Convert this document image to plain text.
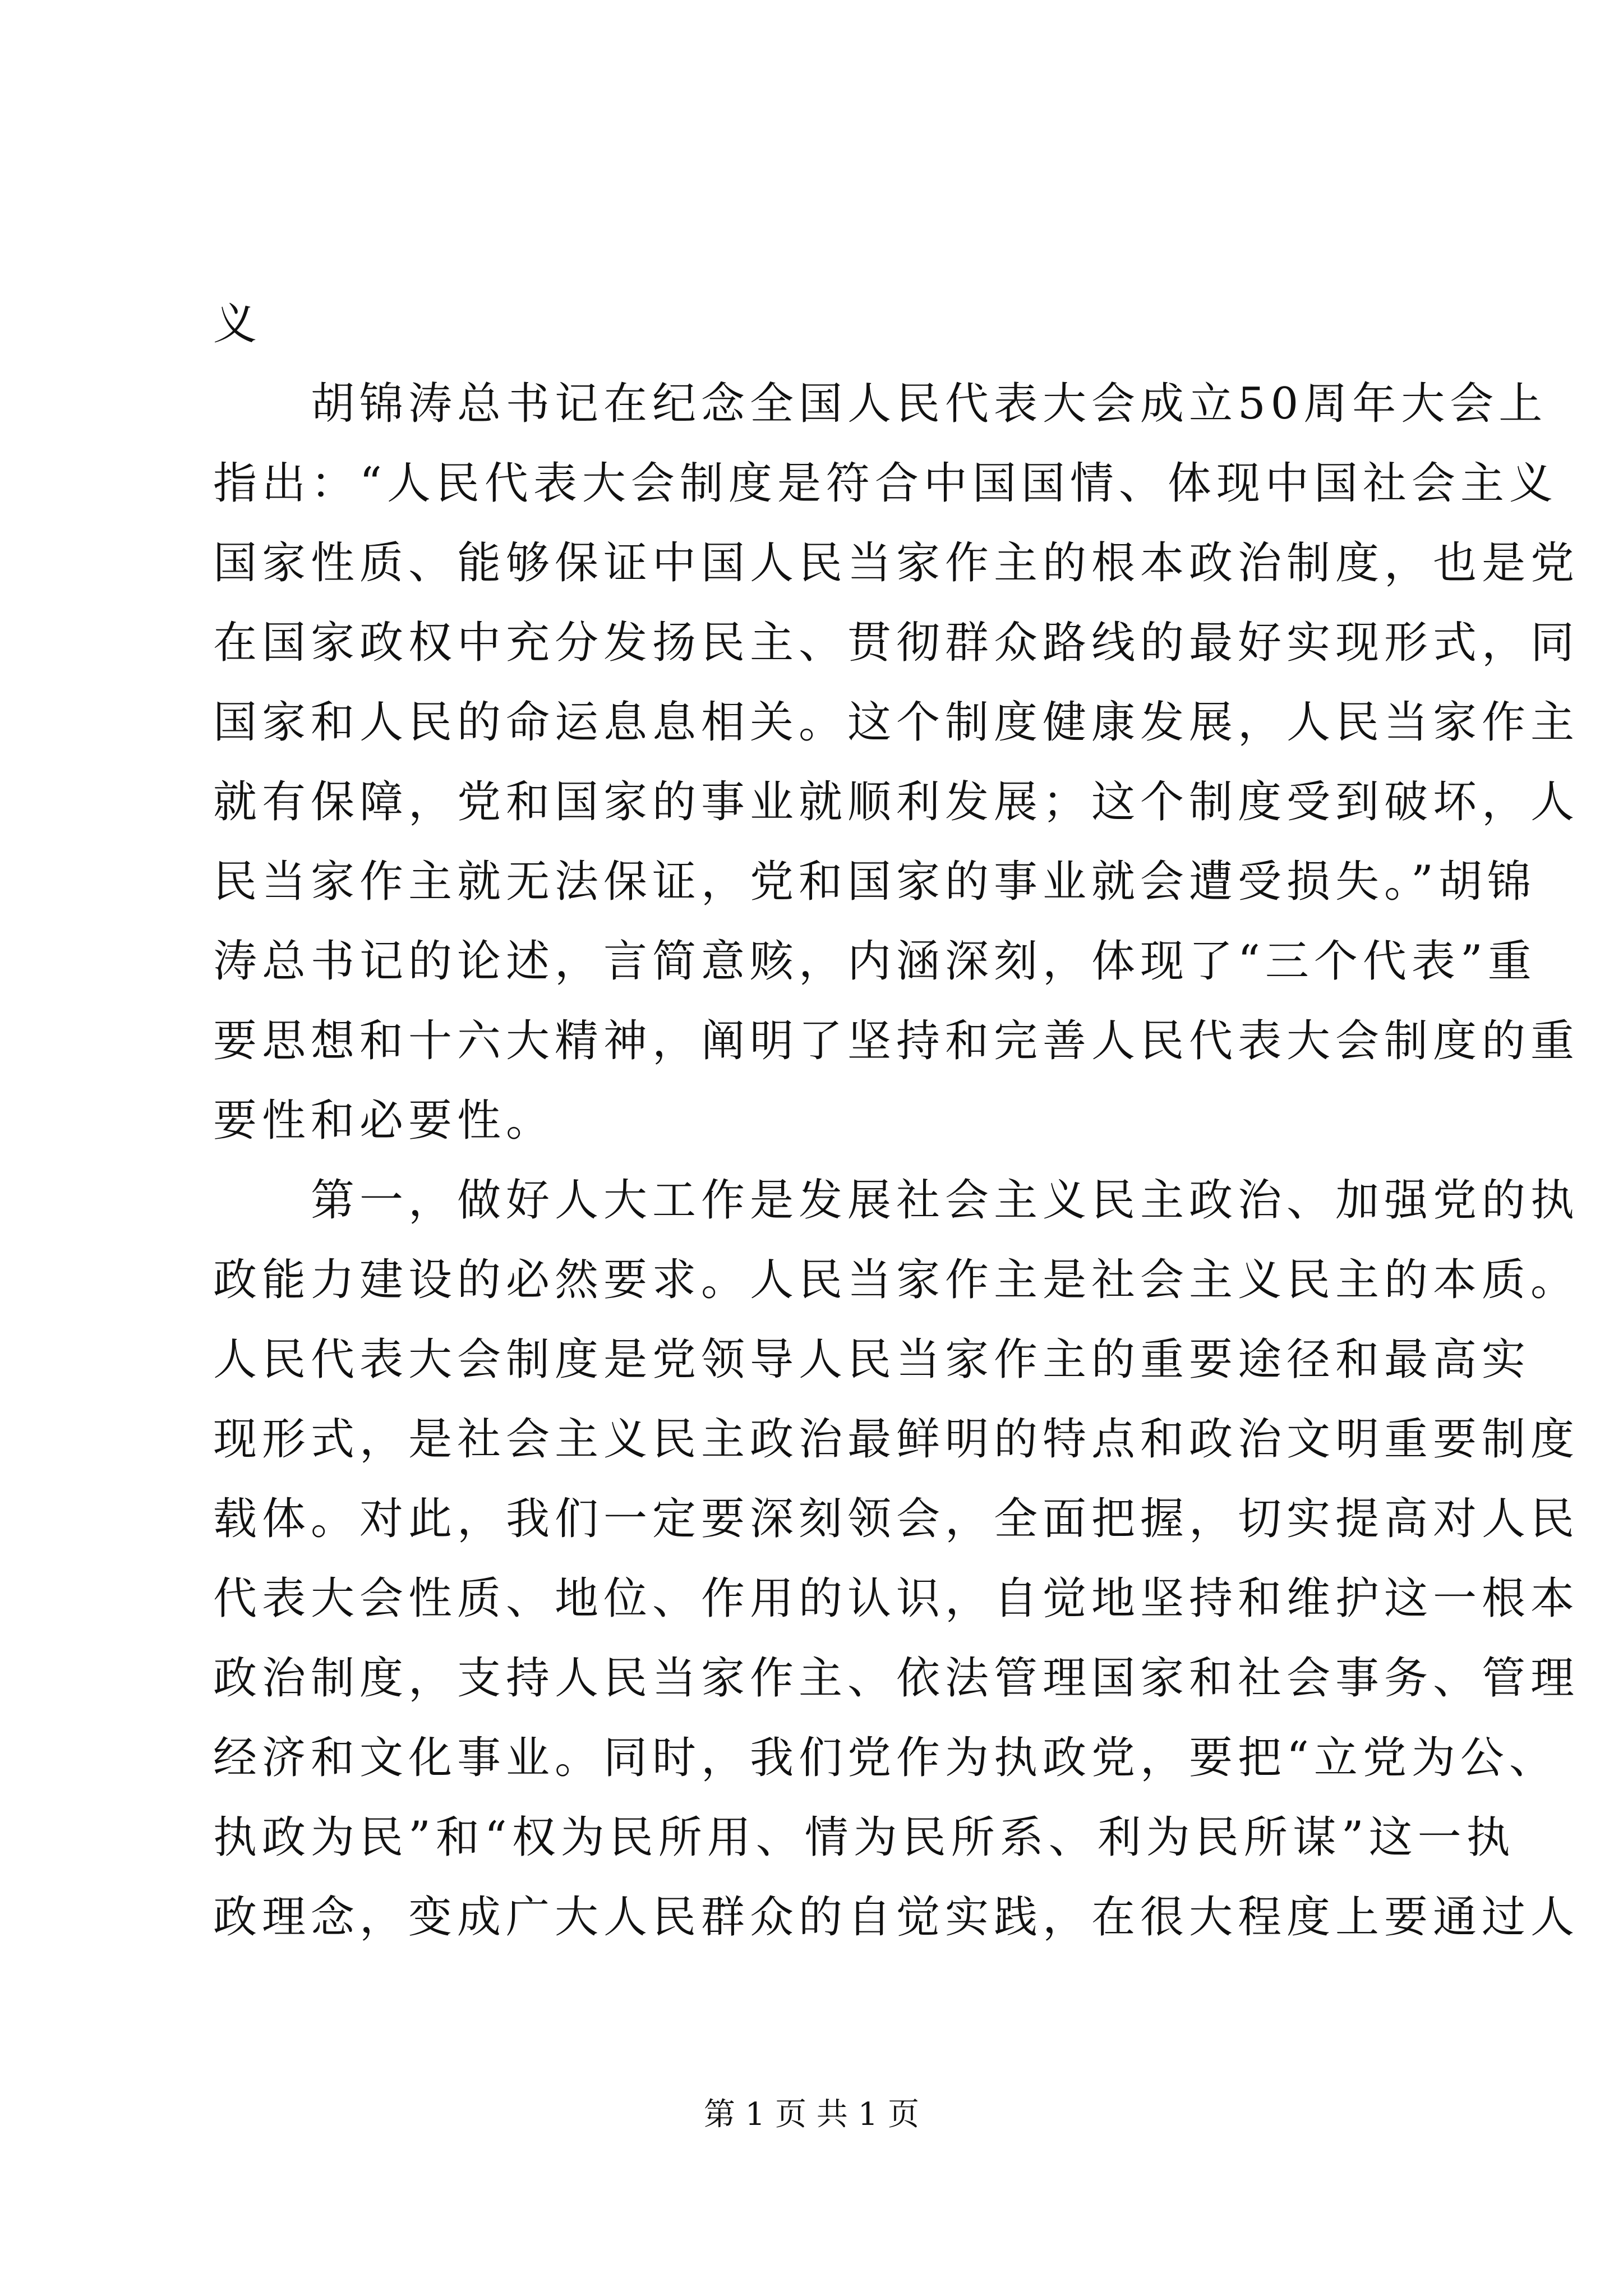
义
　　胡锦涛总书记在纪念全国人民代表大会成立50周年大会上
指出：“人民代表大会制度是符合中国国情、体现中国社会主义
国家性质、能够保证中国人民当家作主的根本政治制度，也是党
在国家政权中充分发扬民主、贯彻群众路线的最好实现形式，同
国家和人民的命运息息相关。这个制度健康发展，人民当家作主
就有保障，党和国家的事业就顺利发展；这个制度受到破坏，人
民当家作主就无法保证，党和国家的事业就会遭受损失。”胡锦
涛总书记的论述，言简意赅，内涵深刻，体现了“三个代表”重
要思想和十六大精神，阐明了坚持和完善人民代表大会制度的重
要性和必要性。
　　第一，做好人大工作是发展社会主义民主政治、加强党的执
政能力建设的必然要求。人民当家作主是社会主义民主的本质。
人民代表大会制度是党领导人民当家作主的重要途径和最高实
现形式，是社会主义民主政治最鲜明的特点和政治文明重要制度
载体。对此，我们一定要深刻领会，全面把握，切实提高对人民
代表大会性质、地位、作用的认识，自觉地坚持和维护这一根本
政治制度，支持人民当家作主、依法管理国家和社会事务、管理
经济和文化事业。同时，我们党作为执政党，要把“立党为公、
执政为民”和“权为民所用、情为民所系、利为民所谋”这一执
政理念，变成广大人民群众的自觉实践，在很大程度上要通过人
第 1 页 共 1 页
